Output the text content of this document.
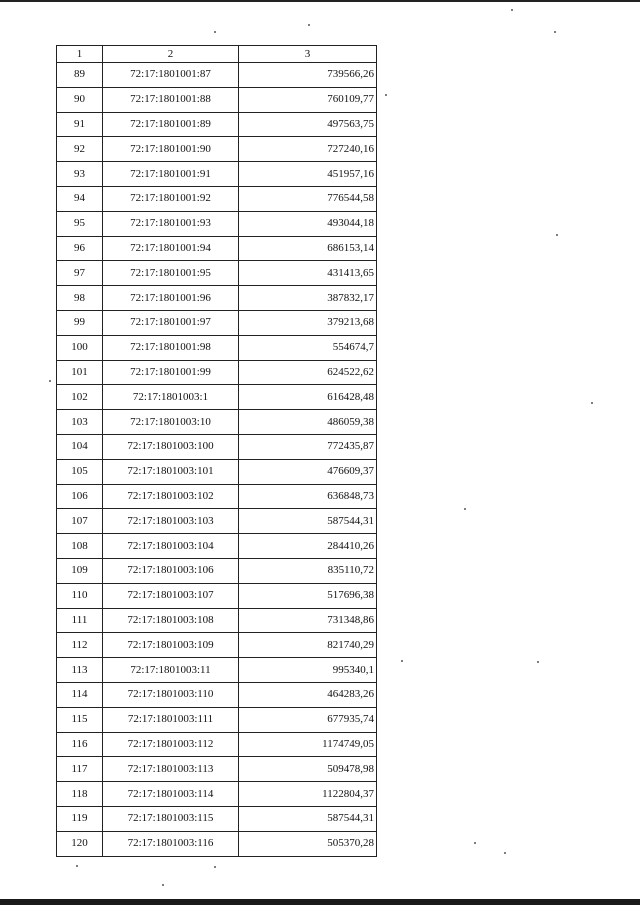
1	2	3
89	72:17:1801001:87	739566,26
90	72:17:1801001:88	760109,77
91	72:17:1801001:89	497563,75
92	72:17:1801001:90	727240,16
93	72:17:1801001:91	451957,16
94	72:17:1801001:92	776544,58
95	72:17:1801001:93	493044,18
96	72:17:1801001:94	686153,14
97	72:17:1801001:95	431413,65
98	72:17:1801001:96	387832,17
99	72:17:1801001:97	379213,68
100	72:17:1801001:98	554674,7
101	72:17:1801001:99	624522,62
102	72:17:1801003:1	616428,48
103	72:17:1801003:10	486059,38
104	72:17:1801003:100	772435,87
105	72:17:1801003:101	476609,37
106	72:17:1801003:102	636848,73
107	72:17:1801003:103	587544,31
108	72:17:1801003:104	284410,26
109	72:17:1801003:106	835110,72
110	72:17:1801003:107	517696,38
111	72:17:1801003:108	731348,86
112	72:17:1801003:109	821740,29
113	72:17:1801003:11	995340,1
114	72:17:1801003:110	464283,26
115	72:17:1801003:111	677935,74
116	72:17:1801003:112	1174749,05
117	72:17:1801003:113	509478,98
118	72:17:1801003:114	1122804,37
119	72:17:1801003:115	587544,31
120	72:17:1801003:116	505370,28
